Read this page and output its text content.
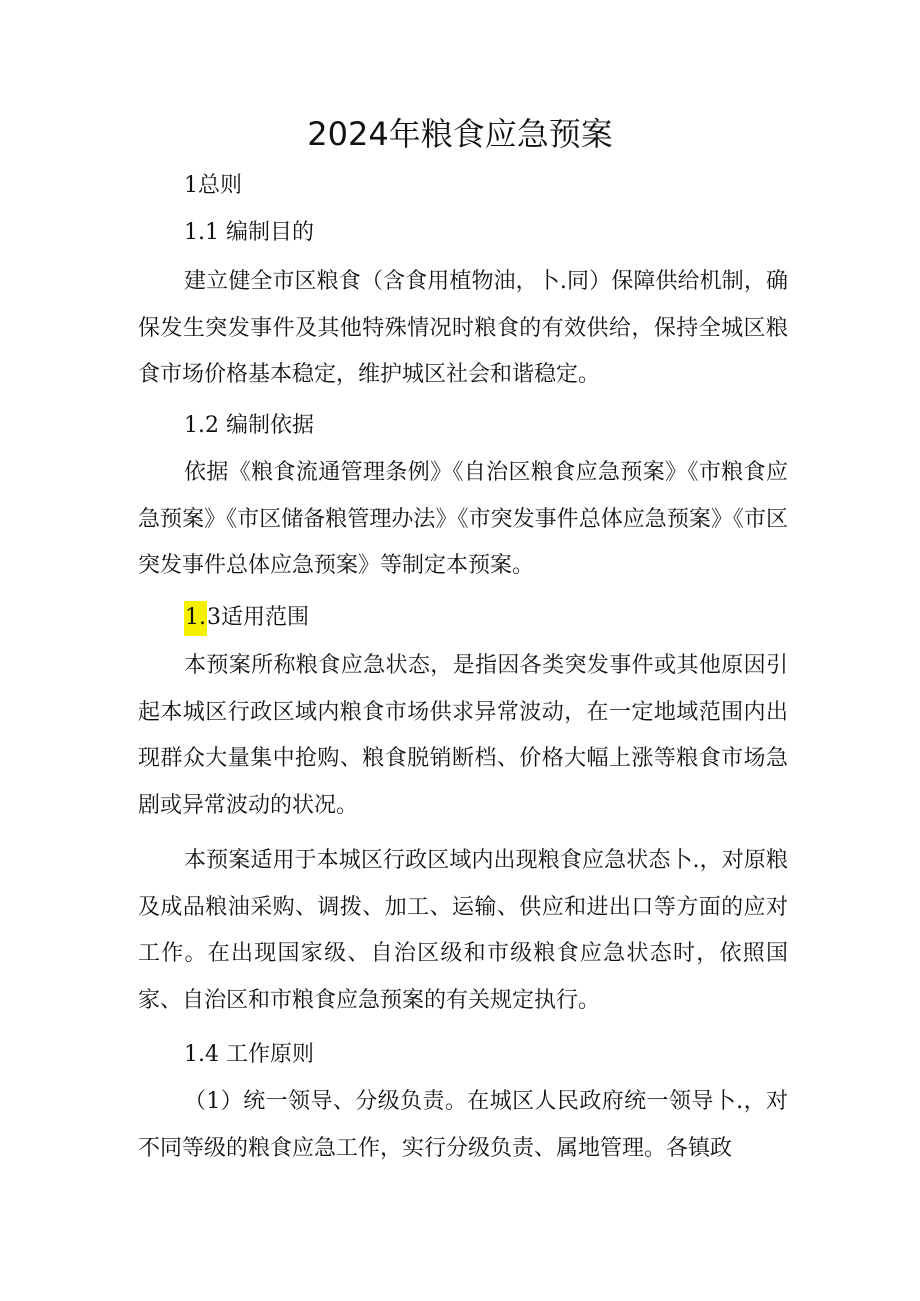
2024年粮食应急预案
1总则
1.1 编制目的
建立健全市区粮食（含食用植物油，卜.同）保障供给机制，确保发生突发事件及其他特殊情况时粮食的有效供给，保持全城区粮食市场价格基本稳定，维护城区社会和谐稳定。
1.2 编制依据
依据《粮食流通管理条例》《自治区粮食应急预案》《市粮食应急预案》《市区储备粮管理办法》《市突发事件总体应急预案》《市区突发事件总体应急预案》等制定本预案。
1.3适用范围
本预案所称粮食应急状态，是指因各类突发事件或其他原因引起本城区行政区域内粮食市场供求异常波动，在一定地域范围内出现群众大量集中抢购、粮食脱销断档、价格大幅上涨等粮食市场急剧或异常波动的状况。
本预案适用于本城区行政区域内出现粮食应急状态卜.，对原粮及成品粮油采购、调拨、加工、运输、供应和进出口等方面的应对工作。在出现国家级、自治区级和市级粮食应急状态时，依照国家、自治区和市粮食应急预案的有关规定执行。
1.4 工作原则
（1）统一领导、分级负责。在城区人民政府统一领导卜.，对不同等级的粮食应急工作，实行分级负责、属地管理。各镇政
